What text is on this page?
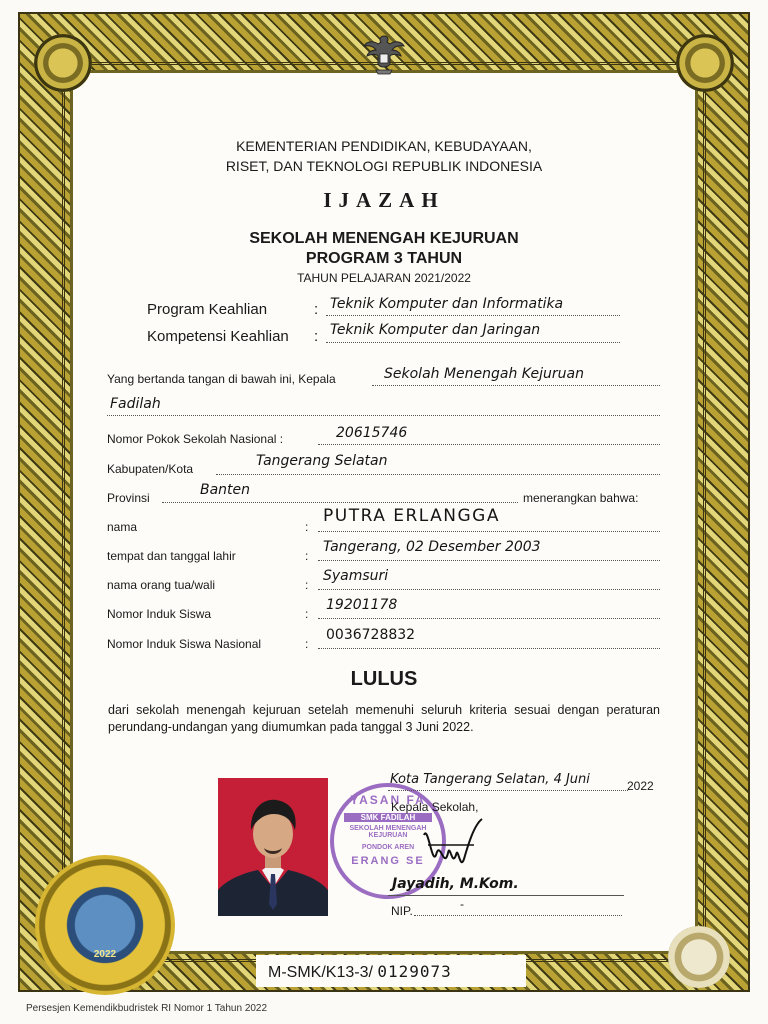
KEMENTERIAN PENDIDIKAN, KEBUDAYAAN,
RISET, DAN TEKNOLOGI REPUBLIK INDONESIA
IJAZAH
SEKOLAH MENENGAH KEJURUAN
PROGRAM 3 TAHUN
TAHUN PELAJARAN 2021/2022
Program Keahlian	: Teknik Komputer dan Informatika
Kompetensi Keahlian : Teknik Komputer dan Jaringan
Yang bertanda tangan di bawah ini, Kepala	Sekolah Menengah Kejuruan
Fadilah
Nomor Pokok Sekolah Nasional :	20615746
Kabupaten/Kota	Tangerang Selatan
Provinsi	Banten	menerangkan bahwa:
nama	:
PUTRA ERLANGGA
tempat dan tanggal lahir	:
Tangerang, 02 Desember 2003
nama orang tua/wali	:
Syamsuri
Nomor Induk Siswa	:
19201178
Nomor Induk Siswa Nasional	:
0036728832
LULUS
dari sekolah menengah kejuruan setelah memenuhi seluruh kriteria sesuai dengan peraturan perundang-undangan yang diumumkan pada tanggal 3 Juni 2022.
YASAN FA
SMK FADILAH
SEKOLAH MENENGAH
KEJURUAN
PONDOK AREN
ERANG SE
Kota Tangerang Selatan, 4 Juni	2022
Kepala Sekolah,
Jayadih, M.Kom.
NIP.	-
2022
M-SMK/K13-3/ 0129073
Persesjen Kemendikbudristek RI Nomor 1 Tahun 2022
